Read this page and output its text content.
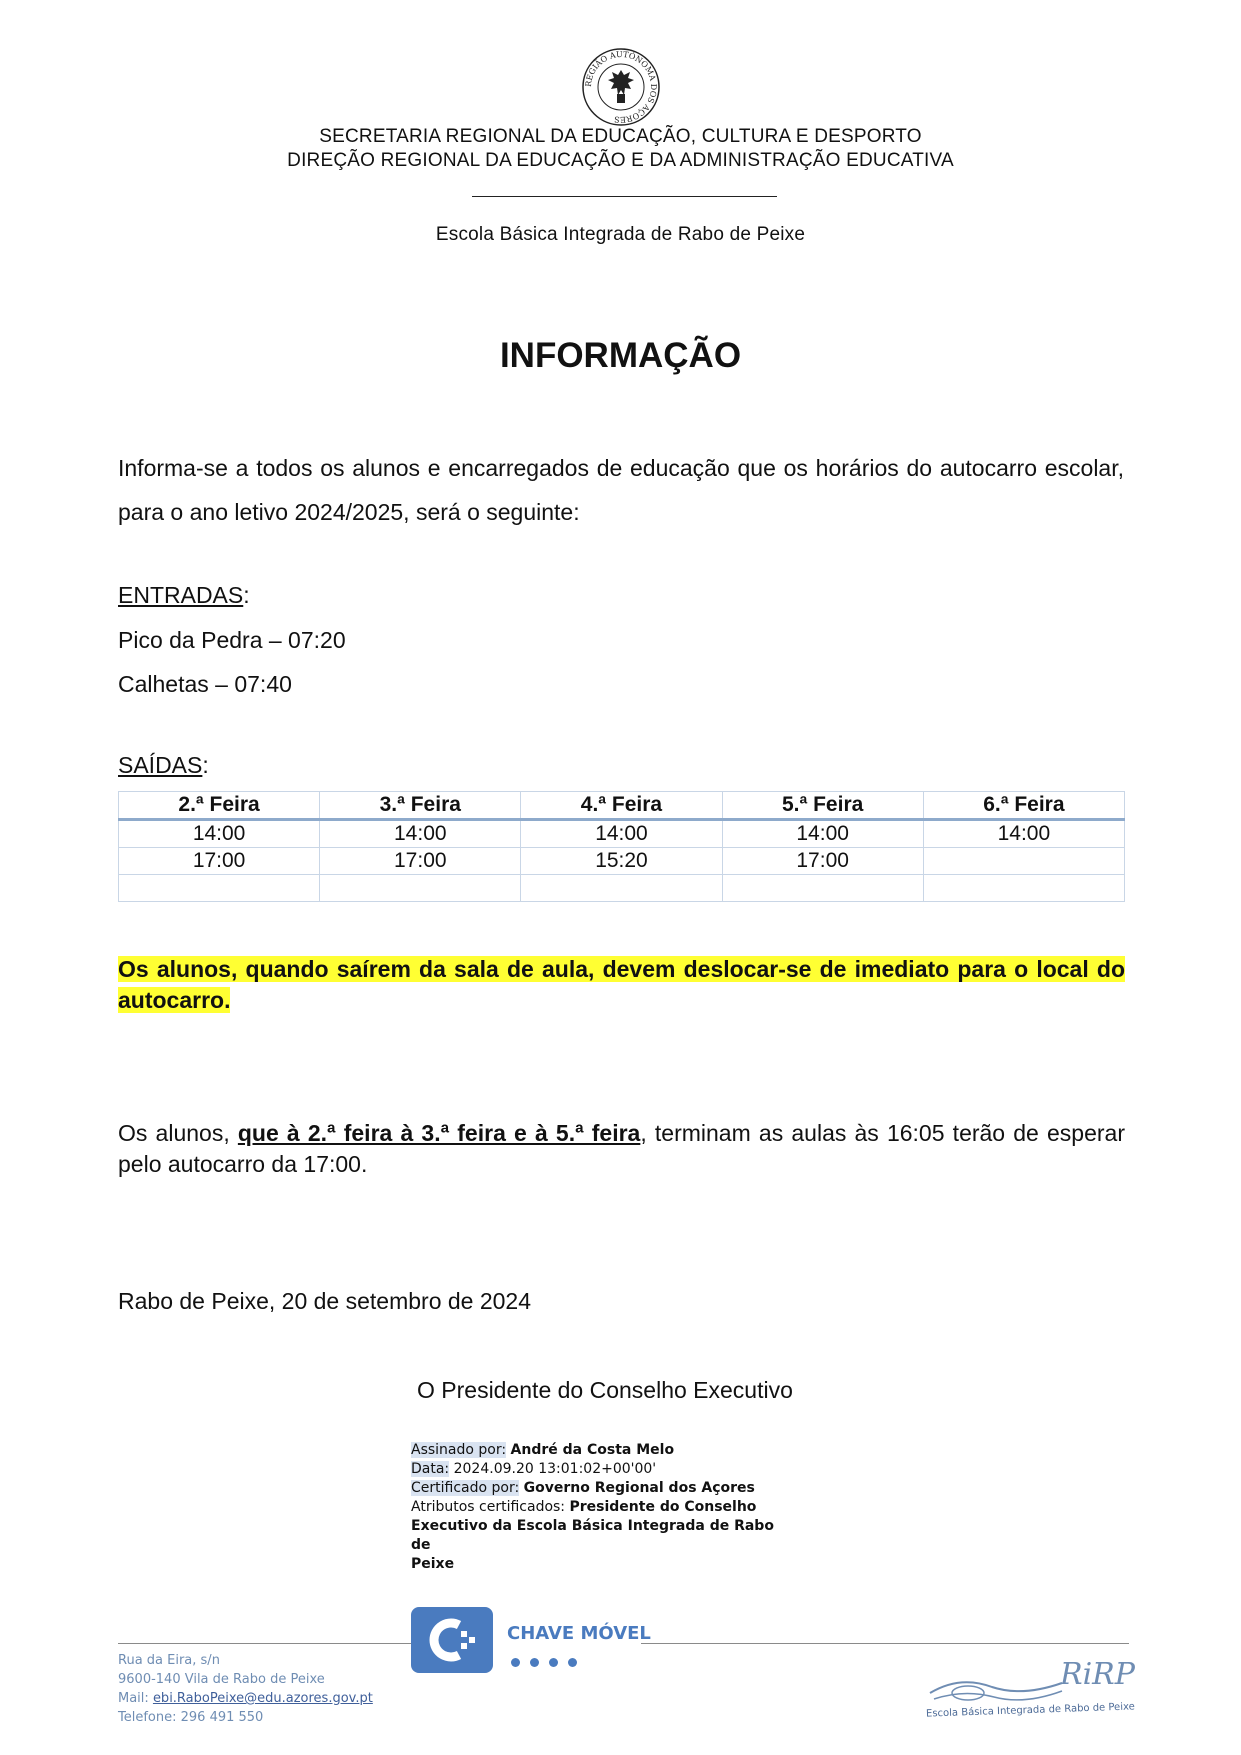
REGIÃO AUTÓNOMA DOS AÇORES
SECRETARIA REGIONAL DA EDUCAÇÃO, CULTURA E DESPORTO
DIREÇÃO REGIONAL DA EDUCAÇÃO E DA ADMINISTRAÇÃO EDUCATIVA
Escola Básica Integrada de Rabo de Peixe
INFORMAÇÃO
Informa-se a todos os alunos e encarregados de educação que os horários do autocarro escolar, para o ano letivo 2024/2025, será o seguinte:
ENTRADAS:
Pico da Pedra – 07:20
Calhetas – 07:40
SAÍDAS:
2.ª Feira	3.ª Feira	4.ª Feira	5.ª Feira	6.ª Feira
14:00	14:00	14:00	14:00	14:00
17:00	17:00	15:20	17:00	

Os alunos, quando saírem da sala de aula, devem deslocar-se de imediato para o local do autocarro.
Os alunos, que à 2.ª feira à 3.ª feira e à 5.ª feira, terminam as aulas às 16:05 terão de esperar pelo autocarro da 17:00.
Rabo de Peixe, 20 de setembro de 2024
O Presidente do Conselho Executivo
Assinado por: André da Costa Melo
Data: 2024.09.20 13:01:02+00'00'
Certificado por: Governo Regional dos Açores
Atributos certificados: Presidente do Conselho
Executivo da Escola Básica Integrada de Rabo de
Peixe
CHAVE MÓVEL
Rua da Eira, s/n
9600-140 Vila de Rabo de Peixe
Mail: ebi.RaboPeixe@edu.azores.gov.pt
Telefone: 296 491 550
RiRP
Escola Básica Integrada de Rabo de Peixe
